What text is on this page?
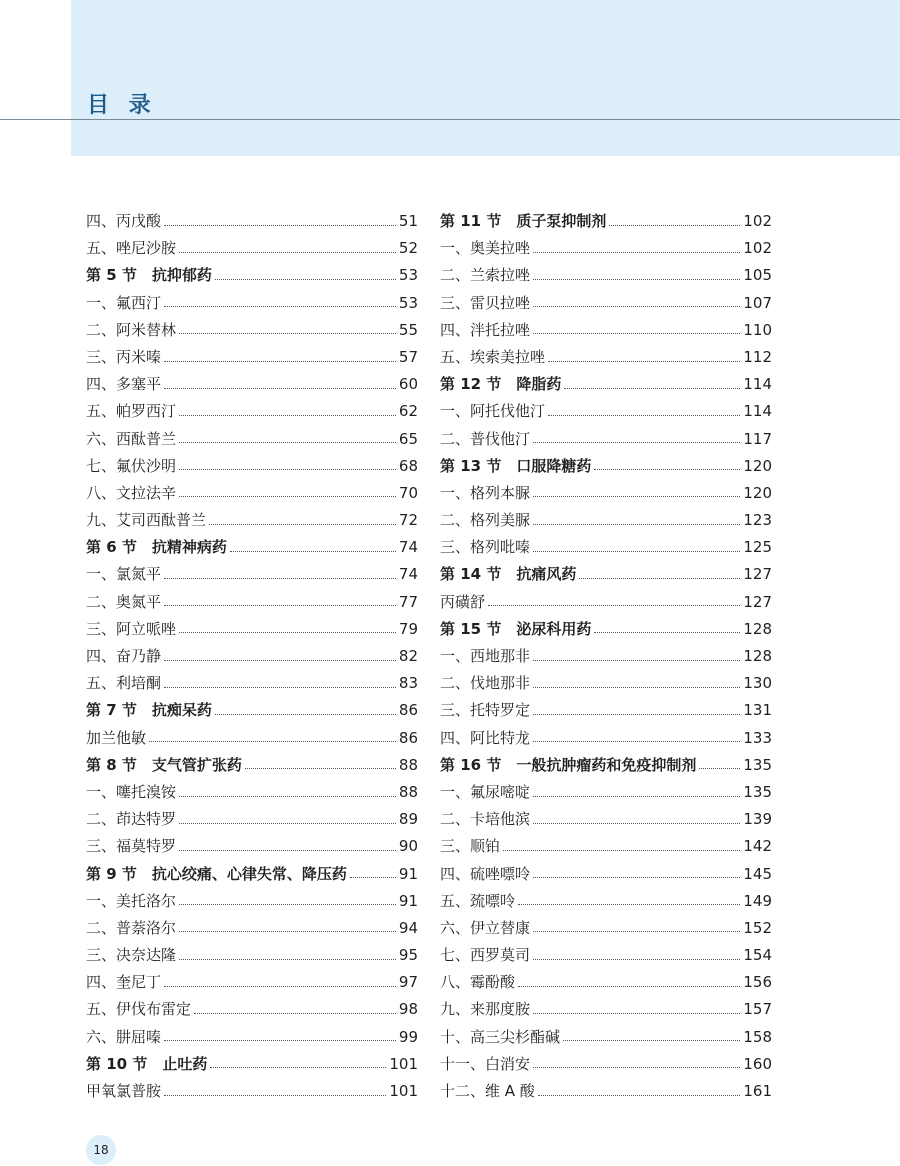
目 录
四、丙戊酸	51
五、唑尼沙胺	52
第 5 节　抗抑郁药	53
一、氟西汀	53
二、阿米替林	55
三、丙米嗪	57
四、多塞平	60
五、帕罗西汀	62
六、西酞普兰	65
七、氟伏沙明	68
八、文拉法辛	70
九、艾司西酞普兰	72
第 6 节　抗精神病药	74
一、氯氮平	74
二、奥氮平	77
三、阿立哌唑	79
四、奋乃静	82
五、利培酮	83
第 7 节　抗痴呆药	86
加兰他敏	86
第 8 节　支气管扩张药	88
一、噻托溴铵	88
二、茚达特罗	89
三、福莫特罗	90
第 9 节　抗心绞痛、心律失常、降压药	91
一、美托洛尔	91
二、普萘洛尔	94
三、决奈达隆	95
四、奎尼丁	97
五、伊伐布雷定	98
六、肼屈嗪	99
第 10 节　止吐药	101
甲氧氯普胺	101
第 11 节　质子泵抑制剂	102
一、奥美拉唑	102
二、兰索拉唑	105
三、雷贝拉唑	107
四、泮托拉唑	110
五、埃索美拉唑	112
第 12 节　降脂药	114
一、阿托伐他汀	114
二、普伐他汀	117
第 13 节　口服降糖药	120
一、格列本脲	120
二、格列美脲	123
三、格列吡嗪	125
第 14 节　抗痛风药	127
丙磺舒	127
第 15 节　泌尿科用药	128
一、西地那非	128
二、伐地那非	130
三、托特罗定	131
四、阿比特龙	133
第 16 节　一般抗肿瘤药和免疫抑制剂	135
一、氟尿嘧啶	135
二、卡培他滨	139
三、顺铂	142
四、硫唑嘌呤	145
五、巯嘌呤	149
六、伊立替康	152
七、西罗莫司	154
八、霉酚酸	156
九、来那度胺	157
十、高三尖杉酯碱	158
十一、白消安	160
十二、维 A 酸	161
18
